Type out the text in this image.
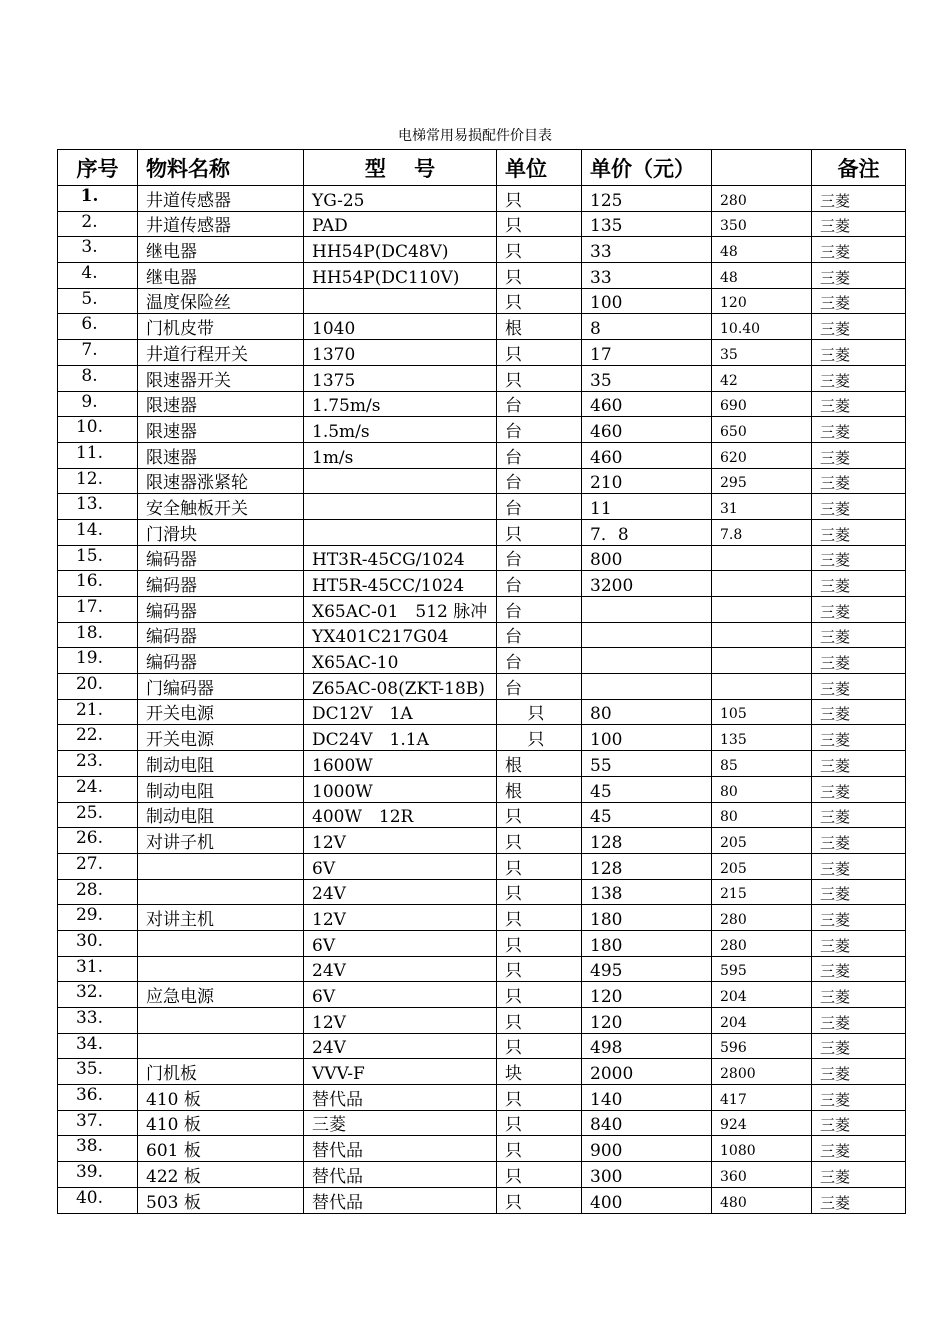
电梯常用易损配件价目表
序号	物料名称	型　 号	单位	单价（元）		备注
1.	井道传感器	YG-25	只	125	280	三菱
2.	井道传感器	PAD	只	135	350	三菱
3.	继电器	HH54P(DC48V)	只	33	48	三菱
4.	继电器	HH54P(DC110V)	只	33	48	三菱
5.	温度保险丝		只	100	120	三菱
6.	门机皮带	1040	根	8	10.40	三菱
7.	井道行程开关	1370	只	17	35	三菱
8.	限速器开关	1375	只	35	42	三菱
9.	限速器	1.75m/s	台	460	690	三菱
10.	限速器	1.5m/s	台	460	650	三菱
11.	限速器	1m/s	台	460	620	三菱
12.	限速器涨紧轮		台	210	295	三菱
13.	安全触板开关		台	11	31	三菱
14.	门滑块		只	7．8	7.8	三菱
15.	编码器	HT3R-45CG/1024	台	800		三菱
16.	编码器	HT5R-45CC/1024	台	3200		三菱
17.	编码器	X65AC-01　512 脉冲	台			三菱
18.	编码器	YX401C217G04	台			三菱
19.	编码器	X65AC-10	台			三菱
20.	门编码器	Z65AC-08(ZKT-18B)	台			三菱
21.	开关电源	DC12V　1A	　 只	80	105	三菱
22.	开关电源	DC24V　1.1A	　 只	100	135	三菱
23.	制动电阻	1600W	根	55	85	三菱
24.	制动电阻	1000W	根	45	80	三菱
25.	制动电阻	400W　12R	只	45	80	三菱
26.	对讲子机	12V	只	128	205	三菱
27.		6V	只	128	205	三菱
28.		24V	只	138	215	三菱
29.	对讲主机	12V	只	180	280	三菱
30.		6V	只	180	280	三菱
31.		24V	只	495	595	三菱
32.	应急电源	6V	只	120	204	三菱
33.		12V	只	120	204	三菱
34.		24V	只	498	596	三菱
35.	门机板	VVV-F	块	2000	2800	三菱
36.	410 板	替代品	只	140	417	三菱
37.	410 板	三菱	只	840	924	三菱
38.	601 板	替代品	只	900	1080	三菱
39.	422 板	替代品	只	300	360	三菱
40.	503 板	替代品	只	400	480	三菱
